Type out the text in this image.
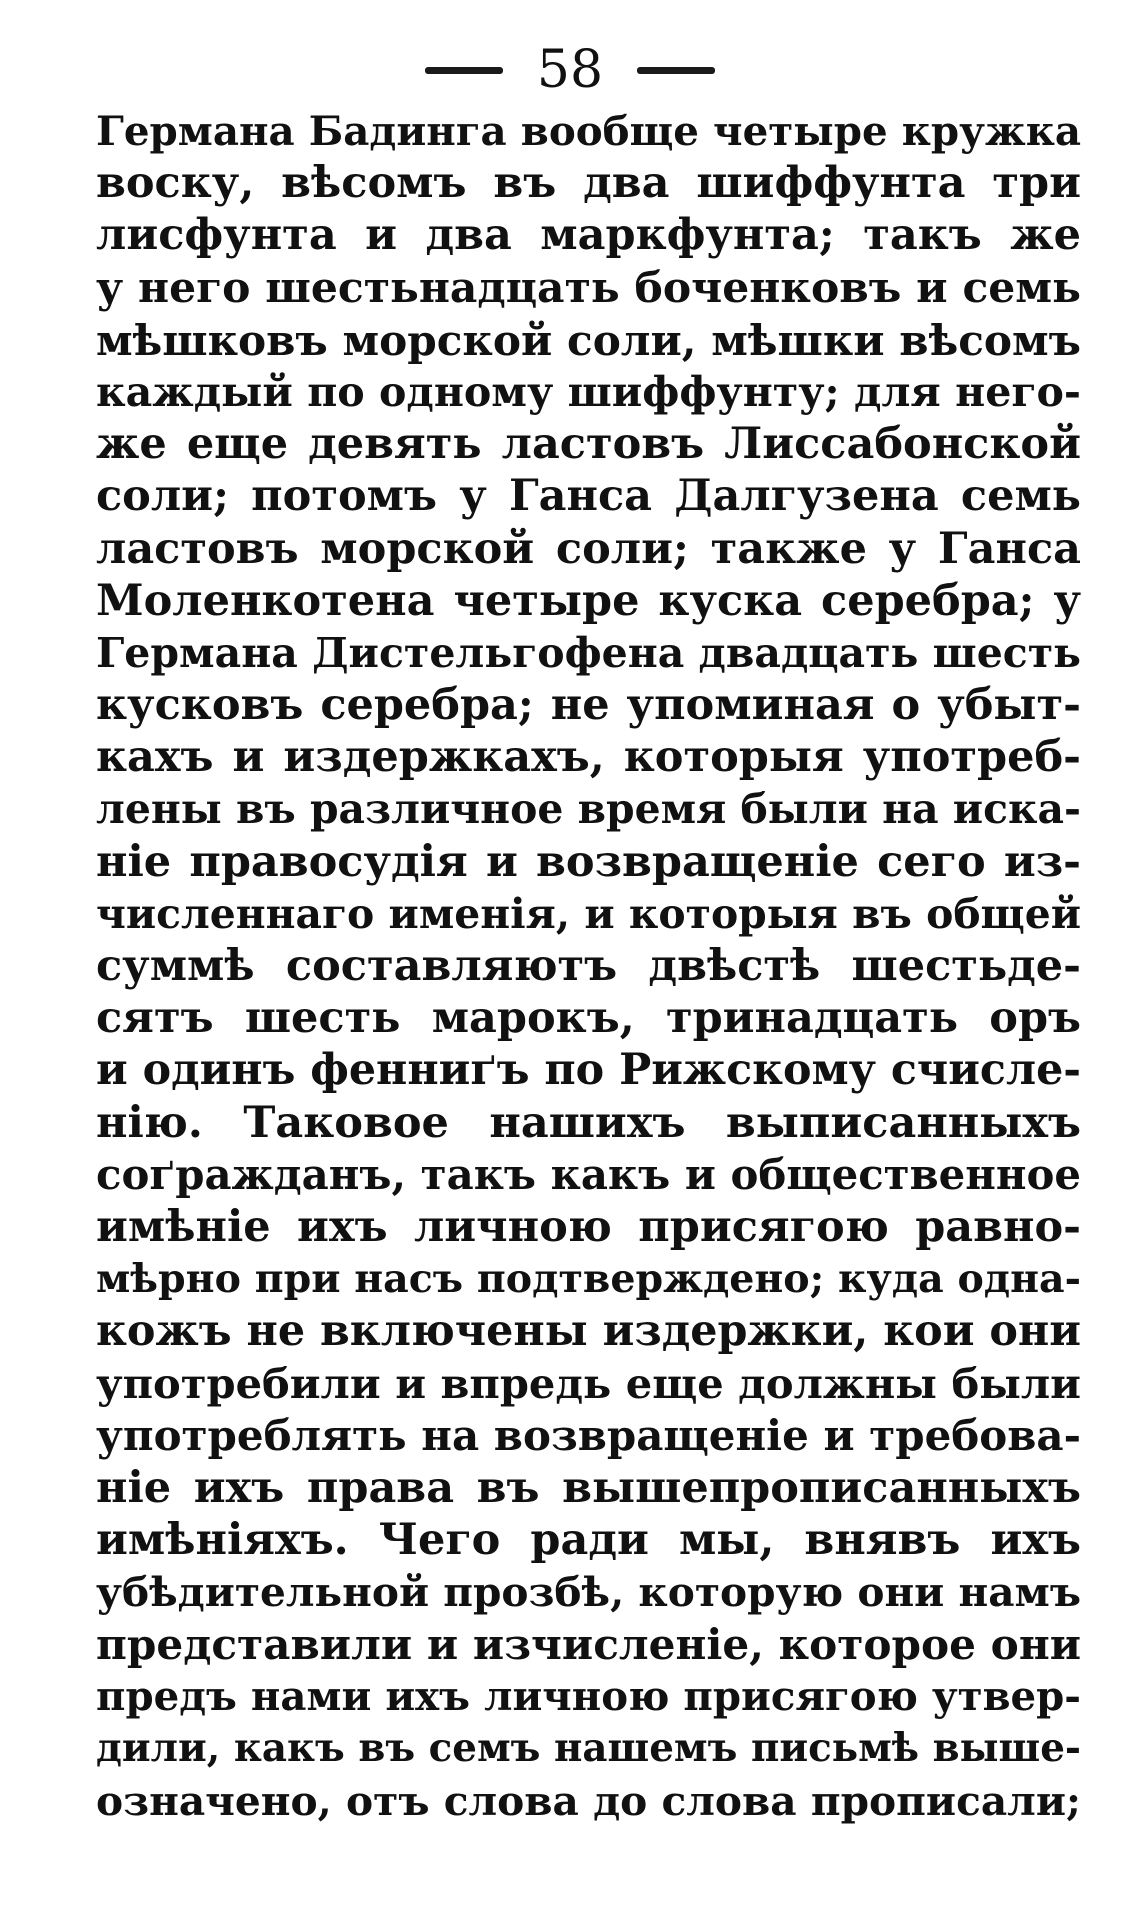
58
Германа Бадинга вообще четыре кружка
воску, вѣсомъ въ два шиффунта три
лисфунта и два маркфунта; такъ же
у него шестьнадцать боченковъ и семь
мѣшковъ морской соли, мѣшки вѣсомъ
каждый по одному шиффунту; для него-
же еще девять ластовъ Лиссабонской
соли; потомъ у Ганса Далгузена семь
ластовъ морской соли; также у Ганса
Моленкотена четыре куска серебра; у
Германа Дистельгофена двадцать шесть
кусковъ серебра; не упоминая о убыт-
кахъ и издержкахъ, которыя употреб-
лены въ различное время были на иска-
ніе правосудія и возвращеніе сего из-
численнаго именія, и которыя въ общей
суммѣ составляютъ двѣстѣ шестьде-
сятъ шесть марокъ, тринадцать оръ
и одинъ фенниґъ по Рижскому счисле-
нію. Таковое нашихъ выписанныхъ
соґражданъ, такъ какъ и общественное
имѣніе ихъ личною присягою равно-
мѣрно при насъ подтверждено; куда одна-
кожъ не включены издержки, кои они
употребили и впредь еще должны были
употреблять на возвращеніе и требова-
ніе ихъ права въ вышепрописанныхъ
имѣніяхъ. Чего ради мы, внявъ ихъ
убѣдительной прозбѣ, которую они намъ
представили и изчисленіе, которое они
предъ нами ихъ личною присягою утвер-
дили, какъ въ семъ нашемъ письмѣ выше-
означено, отъ слова до слова прописали;
